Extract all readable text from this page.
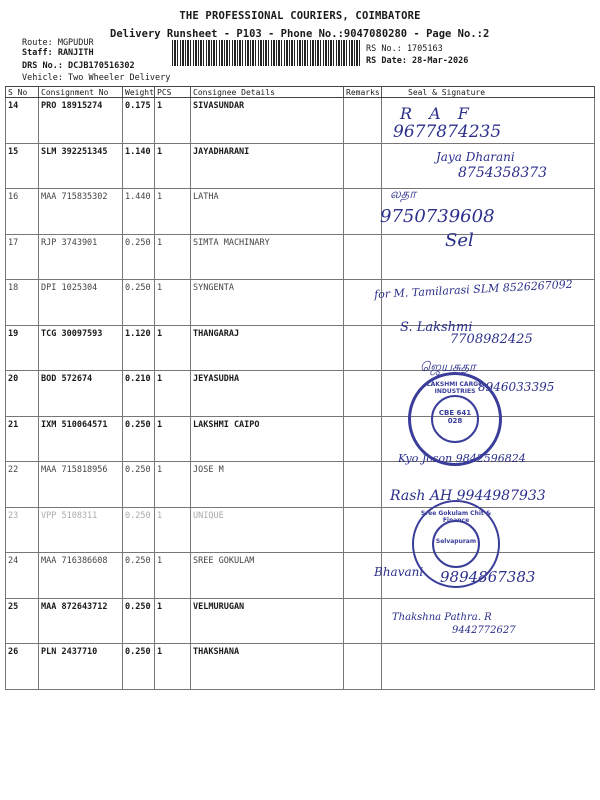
THE PROFESSIONAL COURIERS, COIMBATORE
Delivery Runsheet - P103 - Phone No.:9047080280 - Page No.:2
Route: MGPUDUR
Staff: RANJITH
DRS No.: DCJB170516302
Vehicle: Two Wheeler Delivery
RS No.: 1705163
RS Date: 28-Mar-2026
S No	Consignment No	Weight	PCS	Consignee Details	Remarks	Seal & Signature
14	PRO 18915274	0.175	1	SIVASUNDAR		
15	SLM 392251345	1.140	1	JAYADHARANI		
16	MAA 715835302	1.440	1	LATHA		
17	RJP 3743901	0.250	1	SIMTA MACHINARY		
18	DPI 1025304	0.250	1	SYNGENTA		
19	TCG 30097593	1.120	1	THANGARAJ		
20	BOD 572674	0.210	1	JEYASUDHA		
21	IXM 510064571	0.250	1	LAKSHMI CAIPO		
22	MAA 715818956	0.250	1	JOSE M		
23	VPP 5108311	0.250	1	UNIQUE		
24	MAA 716386608	0.250	1	SREE GOKULAM		
25	MAA 872643712	0.250	1	VELMURUGAN		
26	PLN 2437710	0.250	1	THAKSHANA		
R A F
9677874235
Jaya Dharani
8754358373
லதா
9750739608
Sel
for M. Tamilarasi SLM 8526267092
S. Lakshmi
7708982425
ஜெயசுதா
8946033395
Kyo Joson 9842596824
Rash AH 9944987933
Bhavani 9894867383
Thakshna Pathra. R
9442772627
LAKSHMI CARGO INDUSTRIES
CBE 641 028
Sree Gokulam Chit & Finance
Selvapuram
